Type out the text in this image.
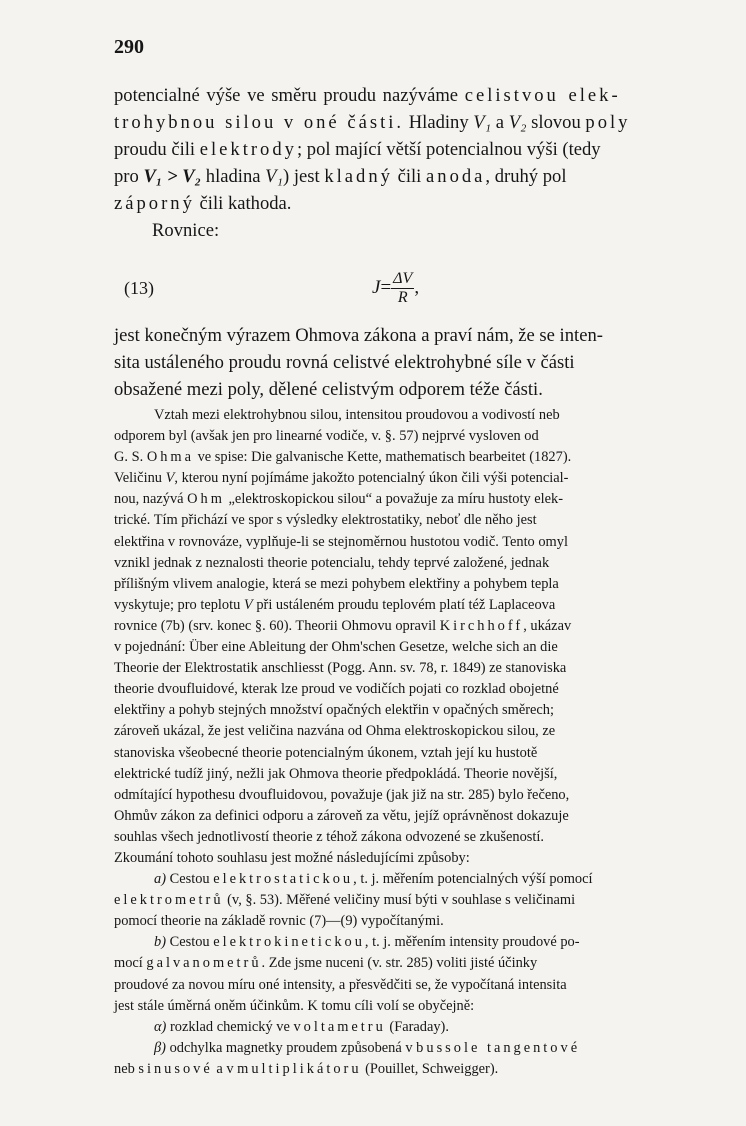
290
potencialné výše ve směru proudu nazýváme celistvou elek-
trohybnou silou v oné části. Hladiny V₁ a V₂ slovou poly
proudu čili elektrody; pol mající větší potencialnou výši (tedy
pro V₁ > V₂ hladina V₁) jest kladný čili anoda, druhý pol
záporný čili kathoda.
Rovnice:
(13)	$J= \frac{\Delta V}{R}$ ,
jest konečným výrazem Ohmova zákona a praví nám, že se inten-
sita ustáleného proudu rovná celistvé elektrohybné síle v části
obsažené mezi poly, dělené celistvým odporem téže části.
Vztah mezi elektrohybnou silou, intensitou proudovou a vodivostí neb
odporem byl (avšak jen pro linearné vodiče, v. §. 57) nejprvé vysloven od
G. S. Ohma ve spise: Die galvanische Kette, mathematisch bearbeitet (1827).
Veličinu V, kterou nyní pojímáme jakožto potencialný úkon čili výši potencial-
nou, nazývá Ohm „elektroskopickou silou“ a považuje za míru hustoty elek-
trické. Tím přichází ve spor s výsledky elektrostatiky, neboť dle něho jest
elektřina v rovnováze, vyplňuje-li se stejnoměrnou hustotou vodič. Tento omyl
vznikl jednak z neznalosti theorie potencialu, tehdy teprvé založené, jednak
přílišným vlivem analogie, která se mezi pohybem elektřiny a pohybem tepla
vyskytuje; pro teplotu V při ustáleném proudu teplovém platí též Laplaceova
rovnice (7b) (srv. konec §. 60). Theorii Ohmovu opravil Kirchhoff, ukázav
v pojednání: Über eine Ableitung der Ohm'schen Gesetze, welche sich an die
Theorie der Elektrostatik anschliesst (Pogg. Ann. sv. 78, r. 1849) ze stanoviska
theorie dvoufluidové, kterak lze proud ve vodičích pojati co rozklad obojetné
elektřiny a pohyb stejných množství opačných elektřin v opačných směrech;
zároveň ukázal, že jest veličina nazvána od Ohma elektroskopickou silou, ze
stanoviska všeobecné theorie potencialným úkonem, vztah její ku hustotě
elektrické tudíž jiný, nežli jak Ohmova theorie předpokládá. Theorie novější,
odmítající hypothesu dvoufluidovou, považuje (jak již na str. 285) bylo řečeno,
Ohmův zákon za definici odporu a zároveň za větu, jejíž oprávněnost dokazuje
souhlas všech jednotlivostí theorie z téhož zákona odvozené se zkušeností.
Zkoumání tohoto souhlasu jest možné následujícími způsoby:
a) Cestou elektrostatickou, t. j. měřením potencialných výší pomocí
elektrometrů (v, §. 53). Měřené veličiny musí býti v souhlase s veličinami
pomocí theorie na základě rovnic (7)—(9) vypočítanými.
b) Cestou elektrokinetickou, t. j. měřením intensity proudové po-
mocí galvanometrů. Zde jsme nuceni (v. str. 285) voliti jisté účinky
proudové za novou míru oné intensity, a přesvědčiti se, že vypočítaná intensita
jest stále úměrná oněm účinkům. K tomu cíli volí se obyčejně:
α) rozklad chemický ve voltametru (Faraday).
β) odchylka magnetky proudem způsobená v bussole tangentové
neb sinusové a v multiplikátoru (Pouillet, Schweigger).
